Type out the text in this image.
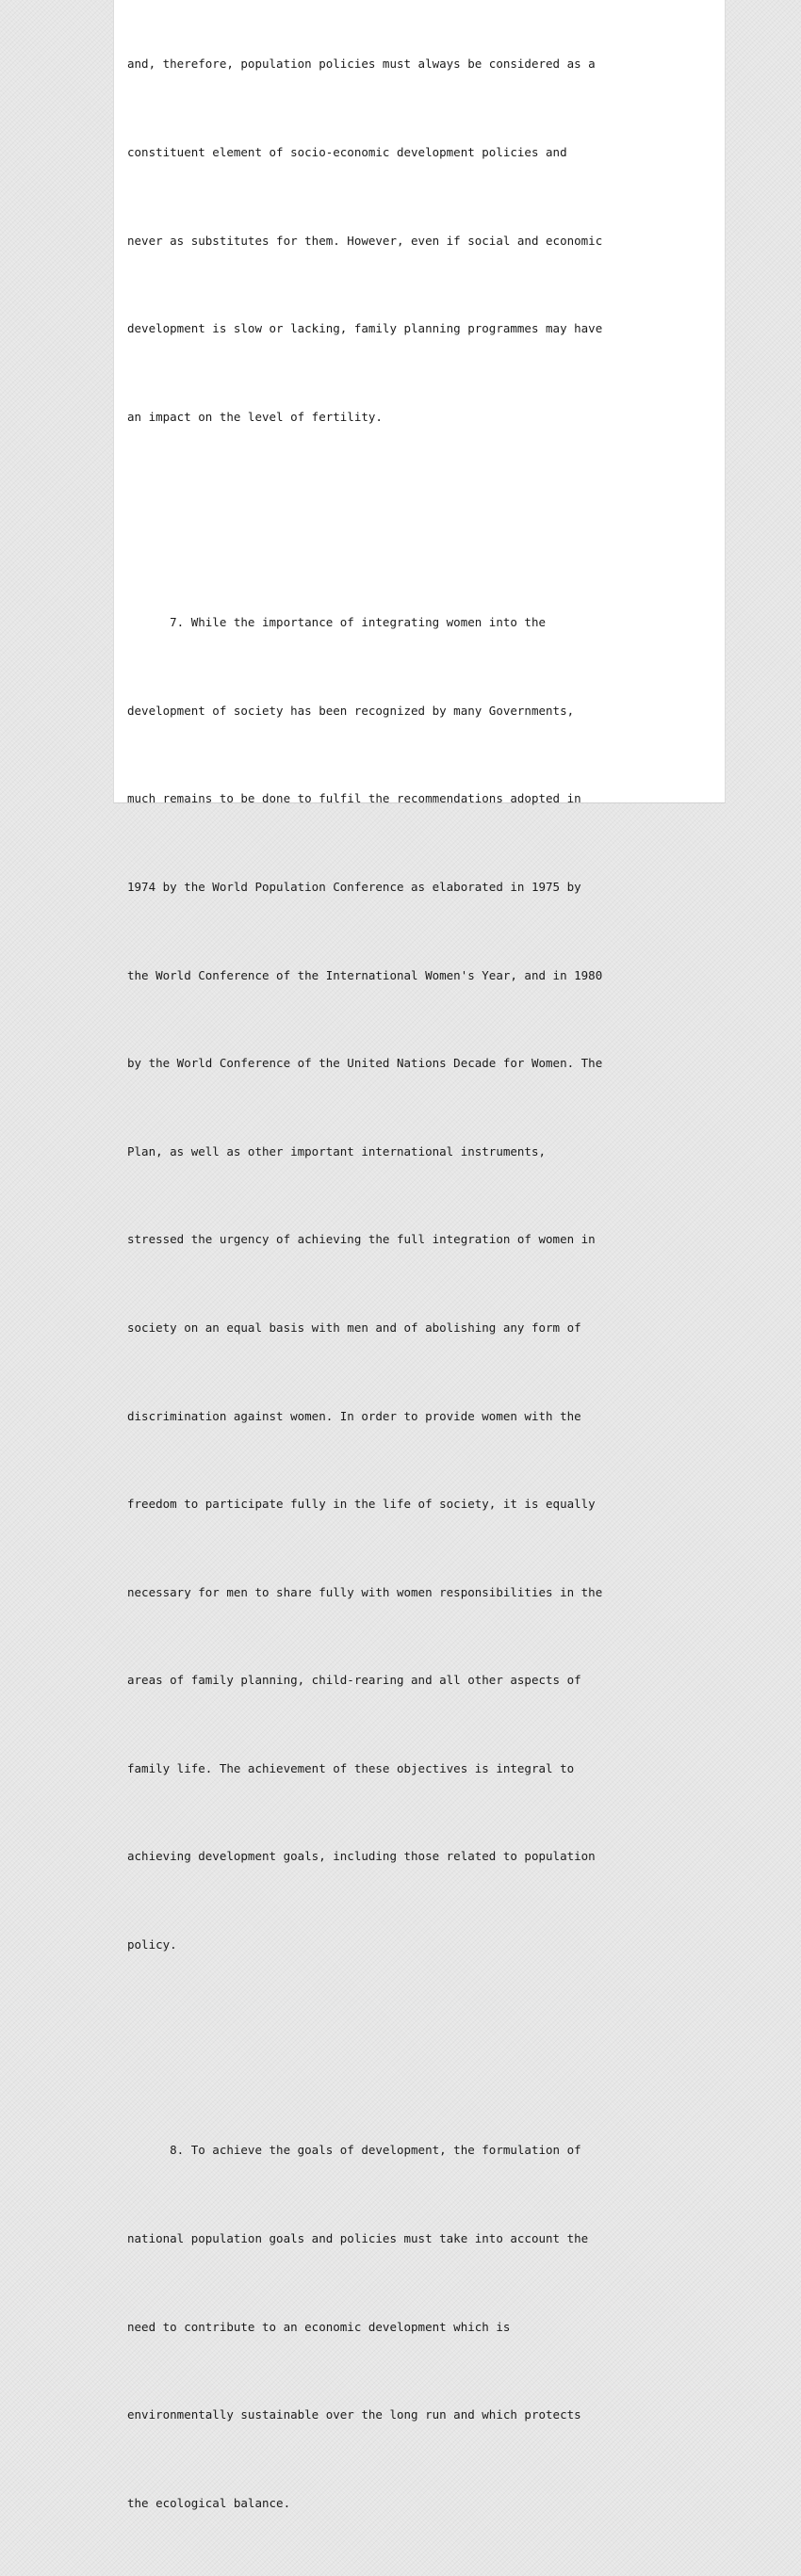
and, therefore, population policies must always be considered as a

constituent element of socio-economic development policies and

never as substitutes for them. However, even if social and economic

development is slow or lacking, family planning programmes may have

an impact on the level of fertility.

7. While the importance of integrating women into the

development of society has been recognized by many Governments,

much remains to be done to fulfil the recommendations adopted in

1974 by the World Population Conference as elaborated in 1975 by

the World Conference of the International Women's Year, and in 1980

by the World Conference of the United Nations Decade for Women. The

Plan, as well as other important international instruments,

stressed the urgency of achieving the full integration of women in

society on an equal basis with men and of abolishing any form of

discrimination against women. In order to provide women with the

freedom to participate fully in the life of society, it is equally

necessary for men to share fully with women responsibilities in the

areas of family planning, child-rearing and all other aspects of

family life. The achievement of these objectives is integral to

achieving development goals, including those related to population

policy.

8. To achieve the goals of development, the formulation of

national population goals and policies must take into account the

need to contribute to an economic development which is

environmentally sustainable over the long run and which protects

the ecological balance.
